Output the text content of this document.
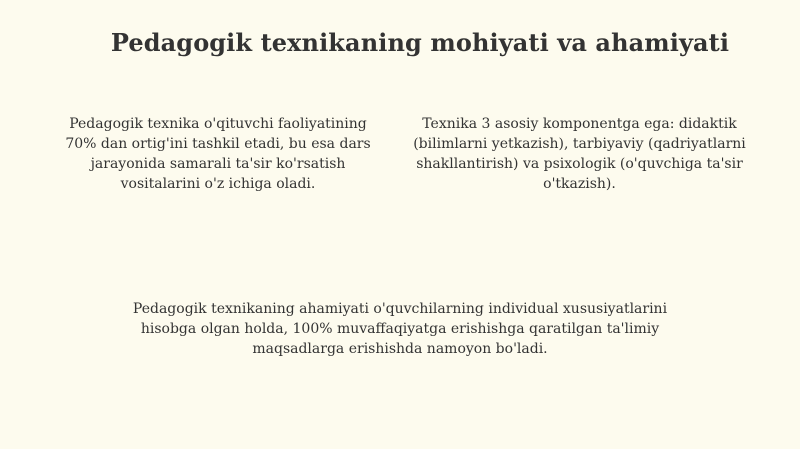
Pedagogik texnikaning mohiyati va ahamiyati

Pedagogik texnika o'qituvchi faoliyatining 70% dan ortig'ini tashkil etadi, bu esa dars jarayonida samarali ta'sir ko'rsatish vositalarini o'z ichiga oladi.

Texnika 3 asosiy komponentga ega: didaktik (bilimlarni yetkazish), tarbiyaviy (qadriyatlarni shakllantirish) va psixologik (o'quvchiga ta'sir o'tkazish).

Pedagogik texnikaning ahamiyati o'quvchilarning individual xususiyatlarini hisobga olgan holda, 100% muvaffaqiyatga erishishga qaratilgan ta'limiy maqsadlarga erishishda namoyon bo'ladi.
